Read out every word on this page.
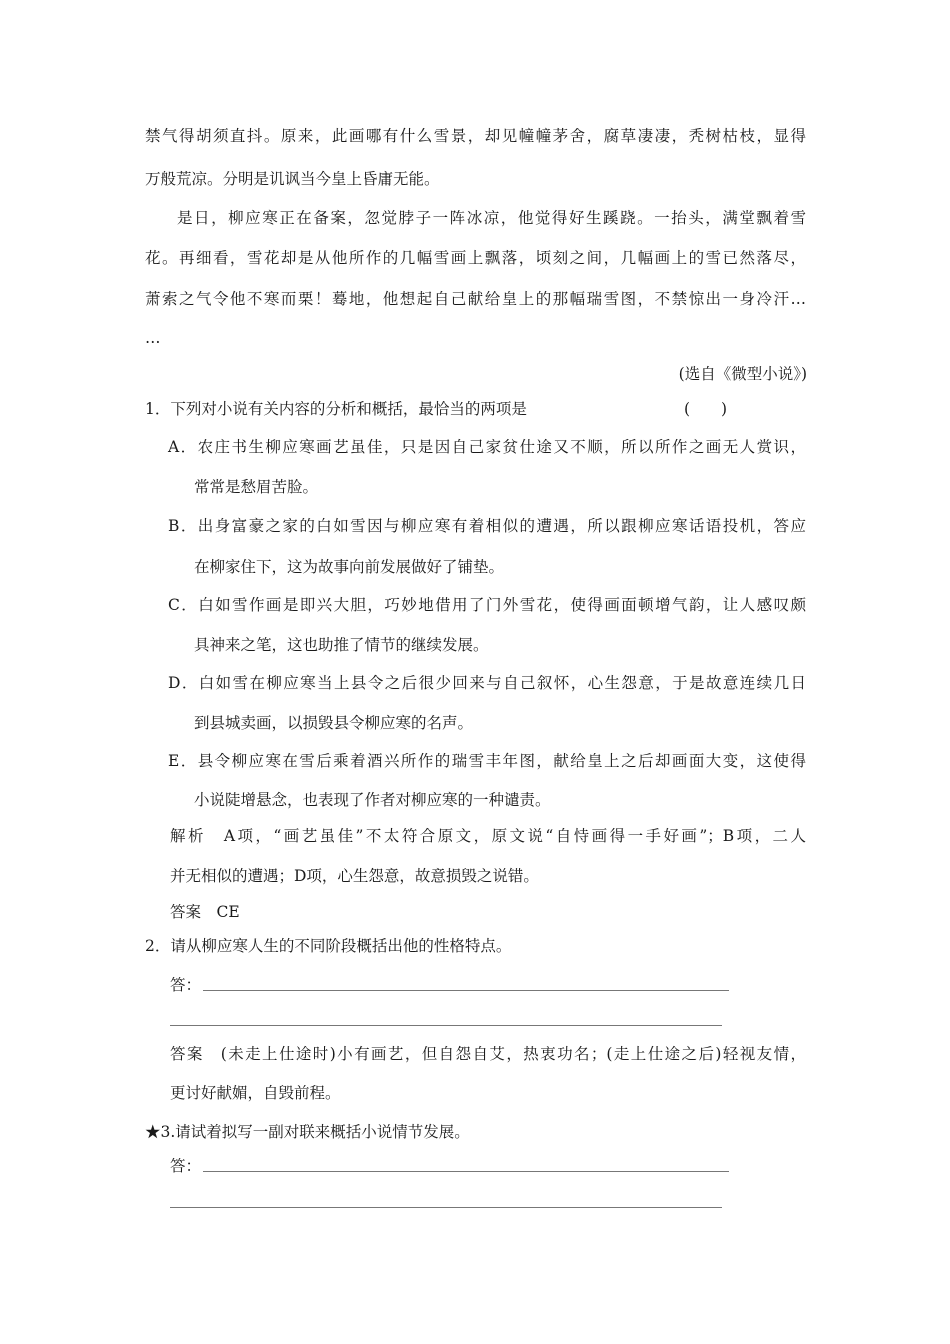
禁气得胡须直抖。原来，此画哪有什么雪景，却见幢幢茅舍，腐草凄凄，秃树枯枝，显得
万般荒凉。分明是讥讽当今皇上昏庸无能。
是日，柳应寒正在备案，忽觉脖子一阵冰凉，他觉得好生蹊跷。一抬头，满堂飘着雪
花。再细看，雪花却是从他所作的几幅雪画上飘落，顷刻之间，几幅画上的雪已然落尽，
萧索之气令他不寒而栗！蓦地，他想起自己献给皇上的那幅瑞雪图，不禁惊出一身冷汗…
…
(选自《微型小说》)
1．下列对小说有关内容的分析和概括，最恰当的两项是	(　　)
A．农庄书生柳应寒画艺虽佳，只是因自己家贫仕途又不顺，所以所作之画无人赏识，
常常是愁眉苦脸。
B．出身富豪之家的白如雪因与柳应寒有着相似的遭遇，所以跟柳应寒话语投机，答应
在柳家住下，这为故事向前发展做好了铺垫。
C．白如雪作画是即兴大胆，巧妙地借用了门外雪花，使得画面顿增气韵，让人感叹颇
具神来之笔，这也助推了情节的继续发展。
D．白如雪在柳应寒当上县令之后很少回来与自己叙怀，心生怨意，于是故意连续几日
到县城卖画，以损毁县令柳应寒的名声。
E．县令柳应寒在雪后乘着酒兴所作的瑞雪丰年图，献给皇上之后却画面大变，这使得
小说陡增悬念，也表现了作者对柳应寒的一种谴责。
解析　A项，“画艺虽佳”不太符合原文，原文说“自恃画得一手好画”；B项，二人
并无相似的遭遇；D项，心生怨意，故意损毁之说错。
答案　CE
2．请从柳应寒人生的不同阶段概括出他的性格特点。
答：
答案　(未走上仕途时)小有画艺，但自怨自艾，热衷功名；(走上仕途之后)轻视友情，
更讨好献媚，自毁前程。
★3.请试着拟写一副对联来概括小说情节发展。
答：
